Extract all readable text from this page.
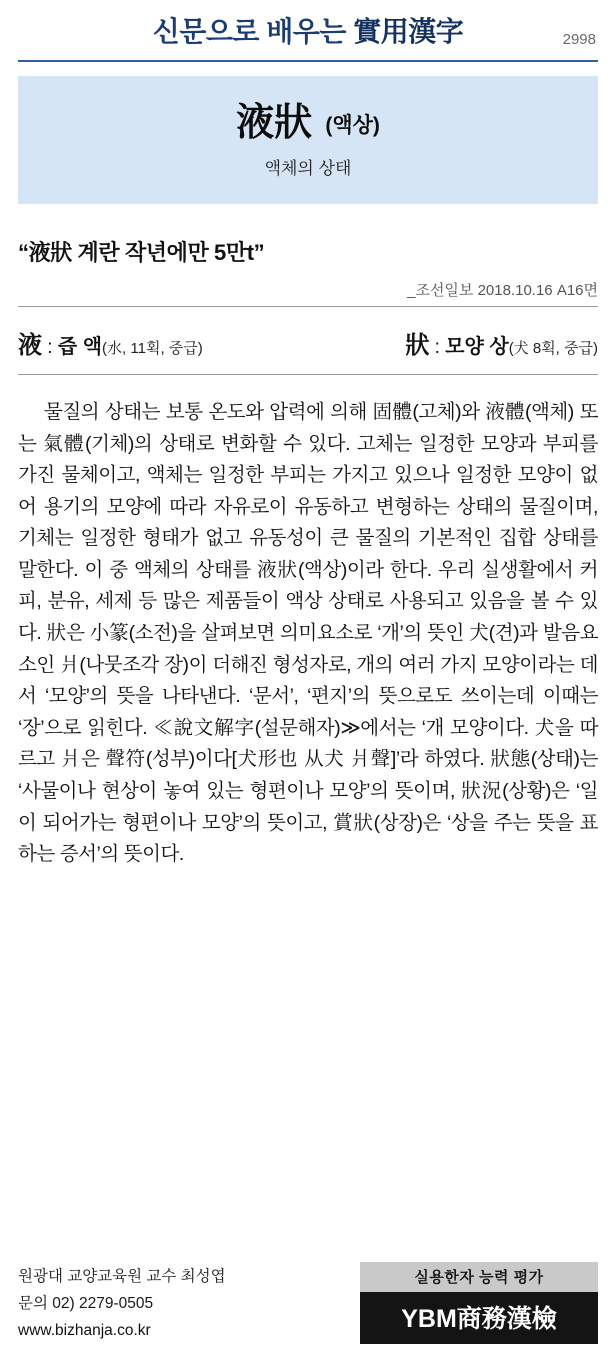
신문으로 배우는 實用漢字	2998
液狀 (액상)
액체의 상태
“液狀 계란 작년에만 5만t”
_조선일보 2018.10.16 A16면
液 : 즙 액(水, 11획, 중급)	狀 : 모양 상(犬 8획, 중급)
물질의 상태는 보통 온도와 압력에 의해 固體(고체)와 液體(액체) 또는 氣體(기체)의 상태로 변화할 수 있다. 고체는 일정한 모양과 부피를 가진 물체이고, 액체는 일정한 부피는 가지고 있으나 일정한 모양이 없어 용기의 모양에 따라 자유로이 유동하고 변형하는 상태의 물질이며, 기체는 일정한 형태가 없고 유동성이 큰 물질의 기본적인 집합 상태를 말한다. 이 중 액체의 상태를 液狀(액상)이라 한다. 우리 실생활에서 커피, 분유, 세제 등 많은 제품들이 액상 상태로 사용되고 있음을 볼 수 있다. 狀은 小篆(소전)을 살펴보면 의미요소로 ‘개’의 뜻인 犬(견)과 발음요소인 爿(나뭇조각 장)이 더해진 형성자로, 개의 여러 가지 모양이라는 데서 ‘모양’의 뜻을 나타낸다. ‘문서’, ‘편지’의 뜻으로도 쓰이는데 이때는 ‘장’으로 읽힌다. ≪說文解字(설문해자)≫에서는 ‘개 모양이다. 犬을 따르고 爿은 聲符(성부)이다[犬形也 从犬 爿聲]’라 하였다. 狀態(상태)는 ‘사물이나 현상이 놓여 있는 형편이나 모양’의 뜻이며, 狀況(상황)은 ‘일이 되어가는 형편이나 모양’의 뜻이고, 賞狀(상장)은 ‘상을 주는 뜻을 표하는 증서’의 뜻이다.
원광대 교양교육원 교수 최성엽
문의 02) 2279-0505
www.bizhanja.co.kr
실용한자 능력 평가
YBM商務漢檢
